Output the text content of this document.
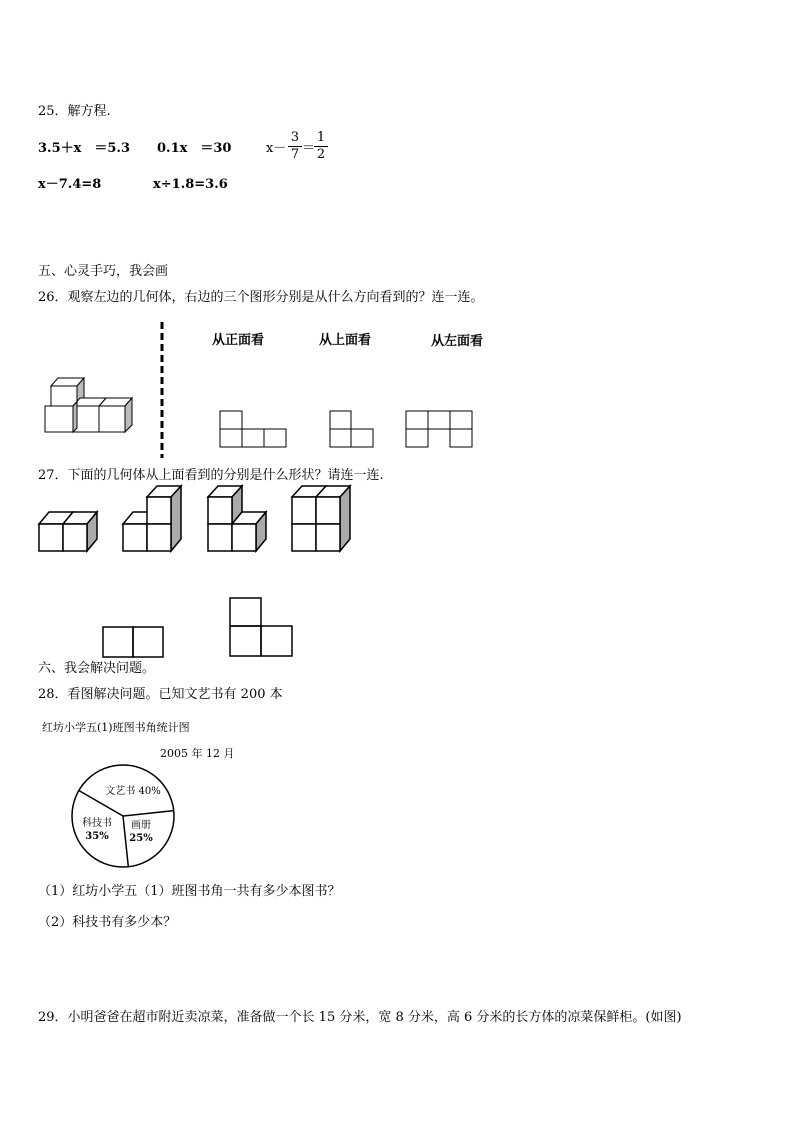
25．解方程.
3.5＋x　＝5.3 0.1x　＝30	x－
3
7 ＝
1
2
x－7.4=8	x÷1.8=3.6
五、心灵手巧，我会画
26．观察左边的几何体，右边的三个图形分别是从什么方向看到的？连一连。
从正面看	从上面看	从左面看
27．下面的几何体从上面看到的分别是什么形状？请连一连.
六、我会解决问题。
28．看图解决问题。已知文艺书有 200 本
红坊小学五(1)班图书角统计图
2005 年 12 月
（1）红坊小学五（1）班图书角一共有多少本图书？
（2）科技书有多少本？
29．小明爸爸在超市附近卖凉菜，准备做一个长 15 分米，宽 8 分米，高 6 分米的长方体的凉菜保鲜柜。(如图)
文艺书 40%
画册
25%
科技书
35%
